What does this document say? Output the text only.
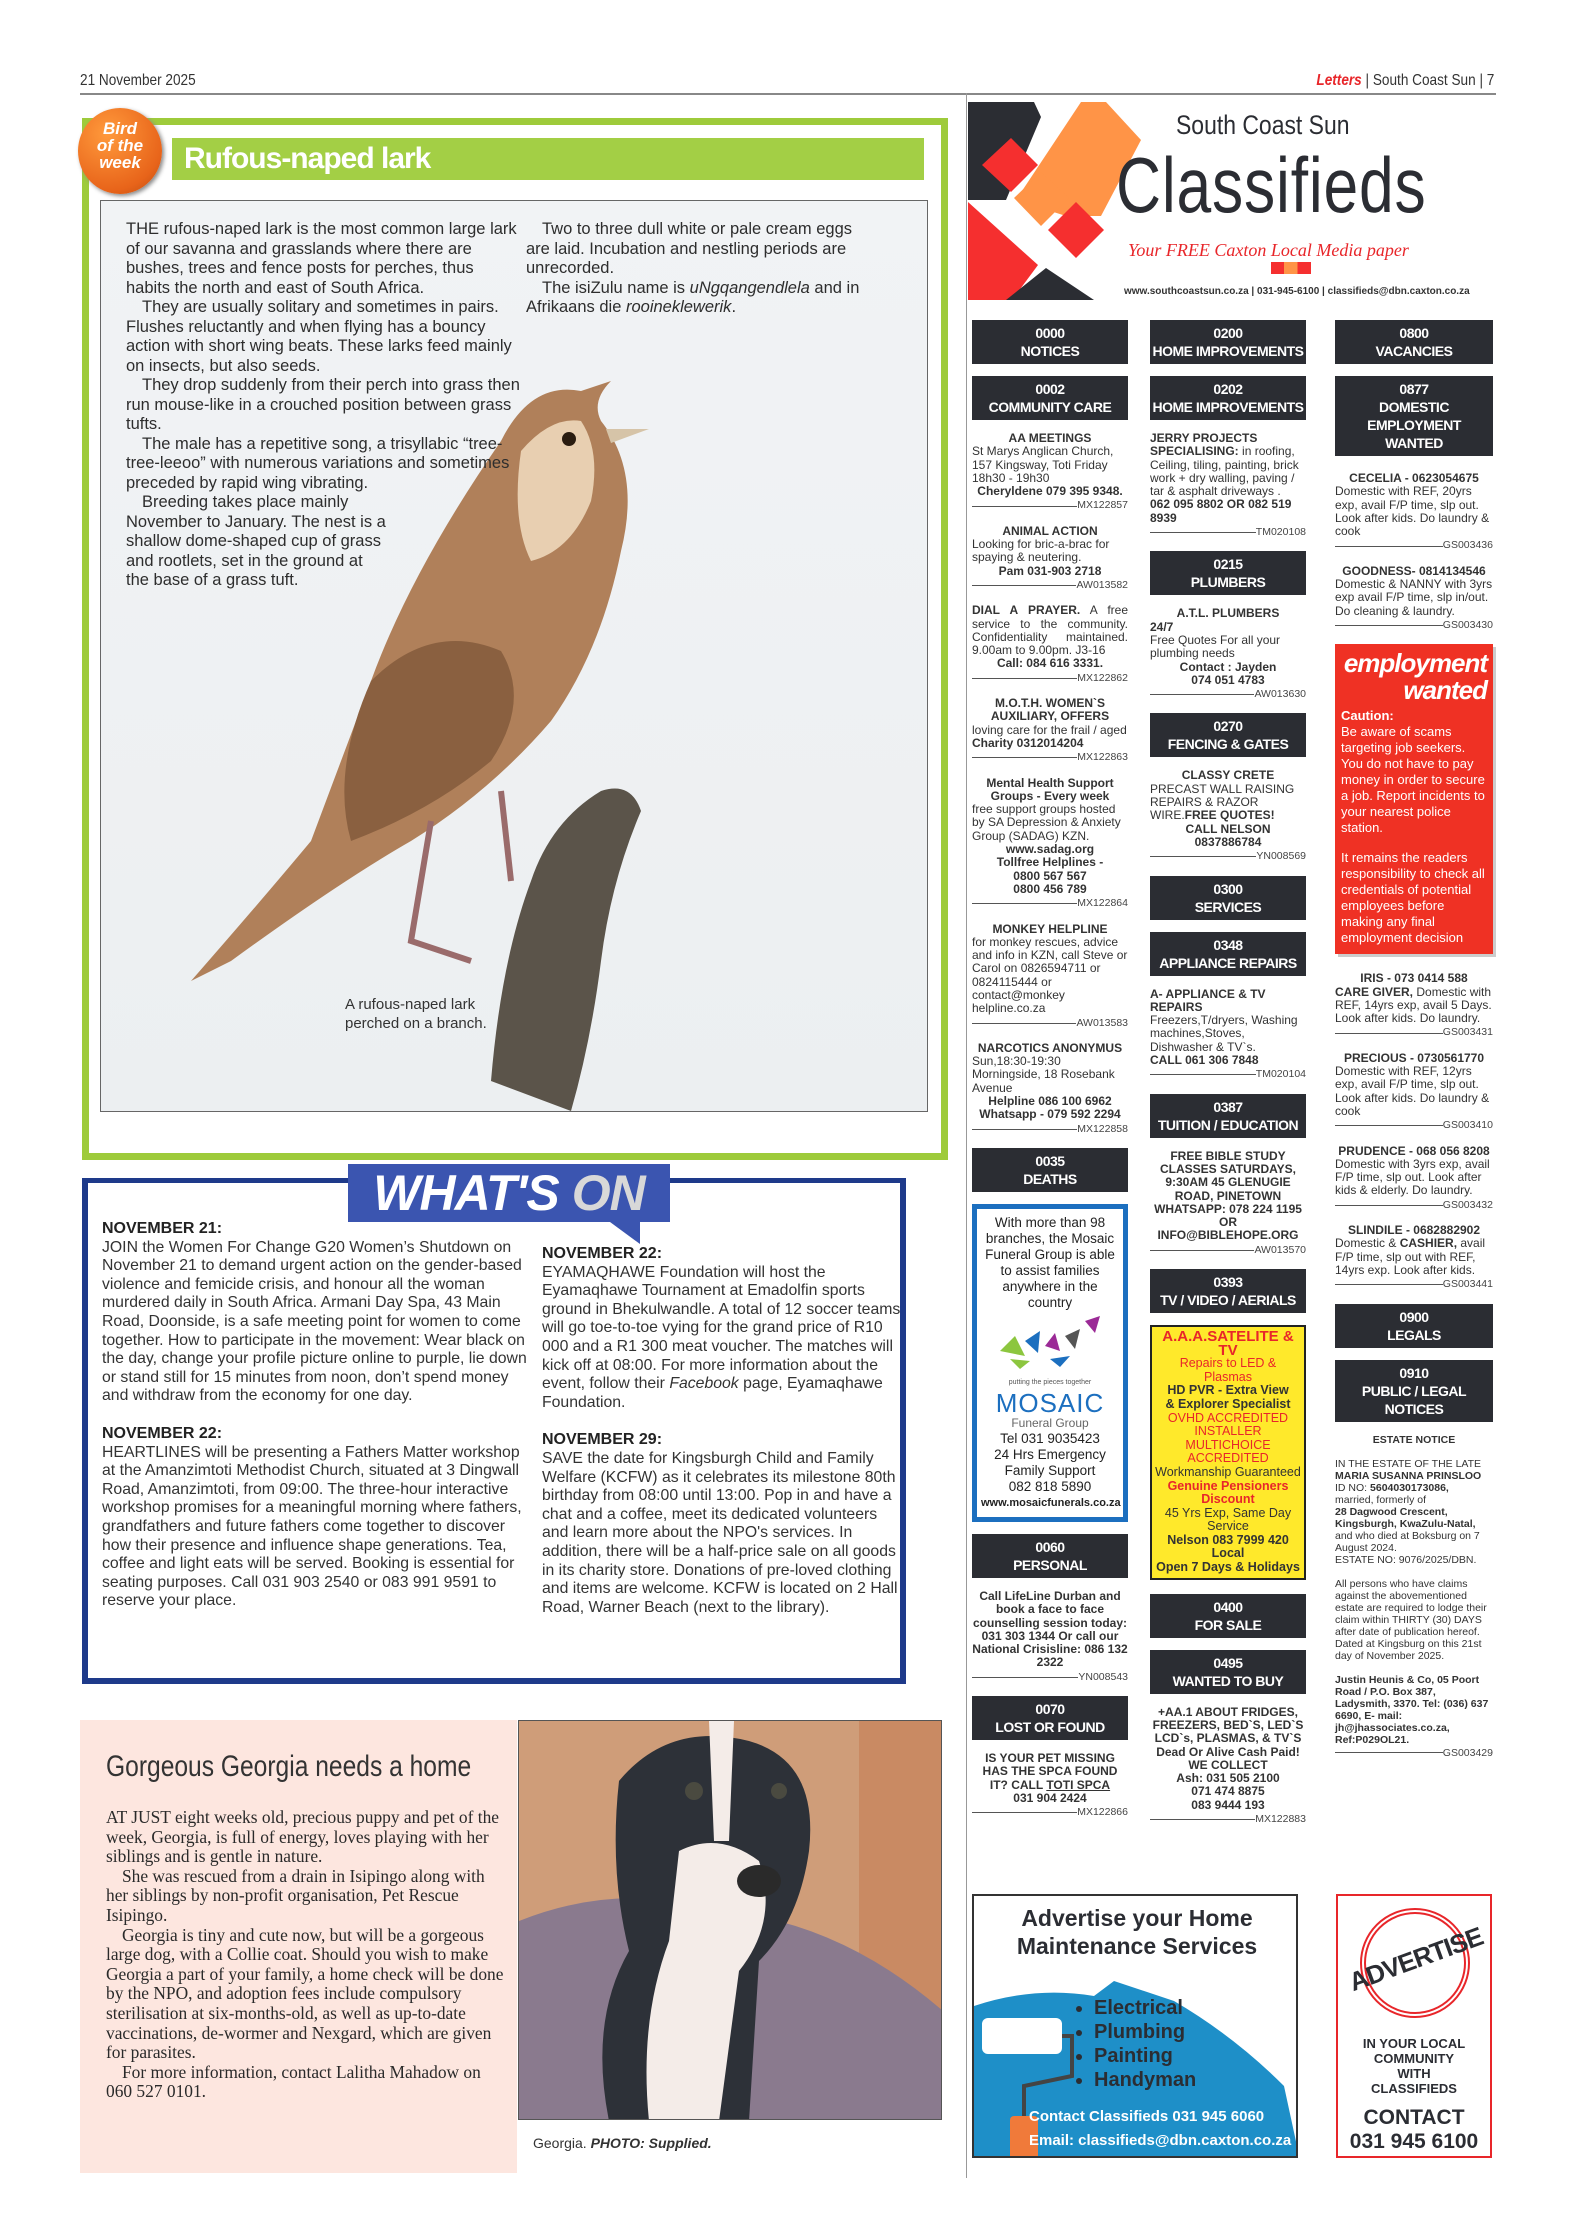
21 November 2025	Letters | South Coast Sun | 7
Rufous-naped lark
Bird
of the
week

THE rufous-naped lark is the most common large lark of our savanna and grasslands where there are bushes, trees and fence posts for perches, thus habits the north and east of South Africa.

They are usually solitary and sometimes in pairs. Flushes reluctantly and when flying has a bouncy action with short wing beats. These larks feed mainly on insects, but also seeds.

They drop suddenly from their perch into grass then run mouse-like in a crouched position between grass tufts.

The male has a repetitive song, a trisyllabic “tree-tree-leeoo” with numerous variations and sometimes preceded by rapid wing vibrating.

Breeding takes place mainly November to January. The nest is a shallow dome-shaped cup of grass and rootlets, set in the ground at the base of a grass tuft.

Two to three dull white or pale cream eggs are laid. Incubation and nestling periods are unrecorded.

The isiZulu name is uNgqangendlela and in Afrikaans die rooineklewerik.

A rufous-naped lark
perched on a branch.
WHAT'S ON
NOVEMBER 21:
JOIN the Women For Change G20 Women’s Shutdown on November 21 to demand urgent action on the gender-based violence and femicide crisis, and honour all the woman murdered daily in South Africa. Armani Day Spa, 43 Main Road, Doonside, is a safe meeting point for women to come together. How to participate in the movement: Wear black on the day, change your profile picture online to purple, lie down or stand still for 15 minutes from noon, don’t spend money and withdraw from the economy for one day.
NOVEMBER 22:
HEARTLINES will be presenting a Fathers Matter workshop at the Amanzimtoti Methodist Church, situated at 3 Dingwall Road, Amanzimtoti, from 09:00. The three-hour interactive workshop promises for a meaningful morning where fathers, grandfathers and future fathers come together to discover how their presence and influence shape generations. Tea, coffee and light eats will be served. Booking is essential for seating purposes. Call 031 903 2540 or 083 991 9591 to reserve your place.
NOVEMBER 22:
EYAMAQHAWE Foundation will host the Eyamaqhawe Tournament at Emadolfin sports ground in Bhekulwandle. A total of 12 soccer teams will go toe-to-toe vying for the grand price of R10 000 and a R1 300 meat voucher. The matches will kick off at 08:00. For more information about the event, follow their Facebook page, Eyamaqhawe Foundation.
NOVEMBER 29:
SAVE the date for Kingsburgh Child and Family Welfare (KCFW) as it celebrates its milestone 80th birthday from 08:00 until 13:00. Pop in and have a chat and a coffee, meet its dedicated volunteers and learn more about the NPO's services. In addition, there will be a half-price sale on all goods in its charity store. Donations of pre-loved clothing and items are welcome. KCFW is located on 2 Hall Road, Warner Beach (next to the library).
Gorgeous Georgia needs a home

AT JUST eight weeks old, precious puppy and pet of the week, Georgia, is full of energy, loves playing with her siblings and is gentle in nature.

She was rescued from a drain in Isipingo along with her siblings by non-profit organisation, Pet Rescue Isipingo.

Georgia is tiny and cute now, but will be a gorgeous large dog, with a Collie coat. Should you wish to make Georgia a part of your family, a home check will be done by the NPO, and adoption fees include compulsory sterilisation at six-months-old, as well as up-to-date vaccinations, de-wormer and Nexgard, which are given for parasites.

For more information, contact Lalitha Mahadow on 060 527 0101.

Georgia. PHOTO: Supplied.
South Coast Sun
Classifieds
Your FREE Caxton Local Media paper
www.southcoastsun.co.za | 031-945-6100 | classifieds@dbn.caxton.co.za
0000
NOTICES
0002
COMMUNITY CARE
AA MEETINGS
St Marys Anglican Church, 157 Kingsway, Toti Friday 18h30 - 19h30
Cheryldene 079 395 9348.
MX122857
ANIMAL ACTION
Looking for bric-a-brac for spaying & neutering.
Pam 031-903 2718
AW013582
DIAL A PRAYER. A free service to the community. Confidentiality maintained. 9.00am to 9.00pm. J3-16
Call: 084 616 3331.
MX122862
M.O.T.H. WOMEN`S AUXILIARY, OFFERS
loving care for the frail / aged Charity 0312014204
MX122863
Mental Health Support Groups - Every week
free support groups hosted by SA Depression & Anxiety Group (SADAG) KZN.
www.sadag.org
Tollfree Helplines -
0800 567 567
0800 456 789
MX122864
MONKEY HELPLINE
for monkey rescues, advice and info in KZN, call Steve or Carol on 0826594711 or 0824115444 or contact@monkey helpline.co.za
AW013583
NARCOTICS ANONYMUS
Sun,18:30-19:30 Morningside, 18 Rosebank Avenue
Helpline 086 100 6962
Whatsapp - 079 592 2294
MX122858
0035
DEATHS
With more than 98 branches, the Mosaic Funeral Group is able to assist families anywhere in the country
putting the pieces together
MOSAIC
Funeral Group
Tel 031 9035423
24 Hrs Emergency
Family Support
082 818 5890
www.mosaicfunerals.co.za
0060
PERSONAL
Call LifeLine Durban and book a face to face counselling session today: 031 303 1344 Or call our National Crisisline: 086 132 2322
YN008543
0070
LOST OR FOUND
IS YOUR PET MISSING HAS THE SPCA FOUND IT? CALL TOTI SPCA
031 904 2424
MX122866
0200
HOME IMPROVEMENTS
0202
HOME IMPROVEMENTS
JERRY PROJECTS SPECIALISING: in roofing, Ceiling, tiling, painting, brick work + dry walling, paving / tar & asphalt driveways .
062 095 8802 OR 082 519 8939
TM020108
0215
PLUMBERS
A.T.L. PLUMBERS
24/7
Free Quotes For all your plumbing needs
Contact : Jayden
074 051 4783
AW013630
0270
FENCING & GATES
CLASSY CRETE
PRECAST WALL RAISING REPAIRS & RAZOR WIRE.FREE QUOTES!
CALL NELSON
0837886784
YN008569
0300
SERVICES
0348
APPLIANCE REPAIRS
A- APPLIANCE & TV REPAIRS
Freezers,T/dryers, Washing machines,Stoves, Dishwasher & TV`s.
CALL 061 306 7848
TM020104
0387
TUITION / EDUCATION
FREE BIBLE STUDY CLASSES SATURDAYS, 9:30AM 45 GLENUGIE ROAD, PINETOWN WHATSAPP: 078 224 1195 OR INFO@BIBLEHOPE.ORG
AW013570
0393
TV / VIDEO / AERIALS
A.A.A.SATELITE & TV
Repairs to LED & Plasmas
HD PVR - Extra View
& Explorer Specialist
OVHD ACCREDITED INSTALLER
MULTICHOICE ACCREDITED
Workmanship Guaranteed
Genuine Pensioners Discount
45 Yrs Exp, Same Day Service
Nelson 083 7999 420 Local
Open 7 Days & Holidays
0400
FOR SALE
0495
WANTED TO BUY
+AA.1 ABOUT FRIDGES, FREEZERS, BED`S, LED`S LCD`s, PLASMAS, & TV`S
Dead Or Alive Cash Paid!
WE COLLECT
Ash: 031 505 2100
071 474 8875
083 9444 193
MX122883
0800
VACANCIES
0877
DOMESTIC EMPLOYMENT
WANTED
CECELIA - 0623054675
Domestic with REF, 20yrs exp, avail F/P time, slp out. Look after kids. Do laundry & cook
GS003436
GOODNESS- 0814134546
Domestic & NANNY with 3yrs exp avail F/P time, slp in/out. Do cleaning & laundry.
GS003430
employment
wanted
Caution:
Be aware of scams targeting job seekers. You do not have to pay money in order to secure a job. Report incidents to your nearest police station.
It remains the readers responsibility to check all credentials of potential employees before making any final employment decision
IRIS - 073 0414 588
CARE GIVER, Domestic with REF, 14yrs exp, avail 5 Days. Look after kids. Do laundry.
GS003431
PRECIOUS - 0730561770
Domestic with REF, 12yrs exp, avail F/P time, slp out. Look after kids. Do laundry & cook
GS003410
PRUDENCE - 068 056 8208
Domestic with 3yrs exp, avail F/P time, slp out. Look after kids & elderly. Do laundry.
GS003432
SLINDILE - 0682882902
Domestic & CASHIER, avail F/P time, slp out with REF, 14yrs exp. Look after kids.
GS003441
0900
LEGALS
0910
PUBLIC / LEGAL NOTICES
ESTATE NOTICE
IN THE ESTATE OF THE LATE MARIA SUSANNA PRINSLOO
ID NO: 5604030173086,
married, formerly of
28 Dagwood Crescent, Kingsburgh, KwaZulu-Natal,
and who died at Boksburg on 7 August 2024.
ESTATE NO: 9076/2025/DBN.
All persons who have claims against the abovementioned estate are required to lodge their claim within THIRTY (30) DAYS after date of publication hereof. Dated at Kingsburg on this 21st day of November 2025.
Justin Heunis & Co, 05 Poort Road / P.O. Box 387, Ladysmith, 3370. Tel: (036) 637 6690, E- mail: jh@jhassociates.co.za, Ref:P029OL21.
GS003429
Advertise your Home
Maintenance Services
• Electrical
• Plumbing
• Painting
• Handyman
Contact Classifieds 031 945 6060
Email: classifieds@dbn.caxton.co.za
ADVERTISE
IN YOUR LOCAL
COMMUNITY
WITH
CLASSIFIEDS
CONTACT
031 945 6100
